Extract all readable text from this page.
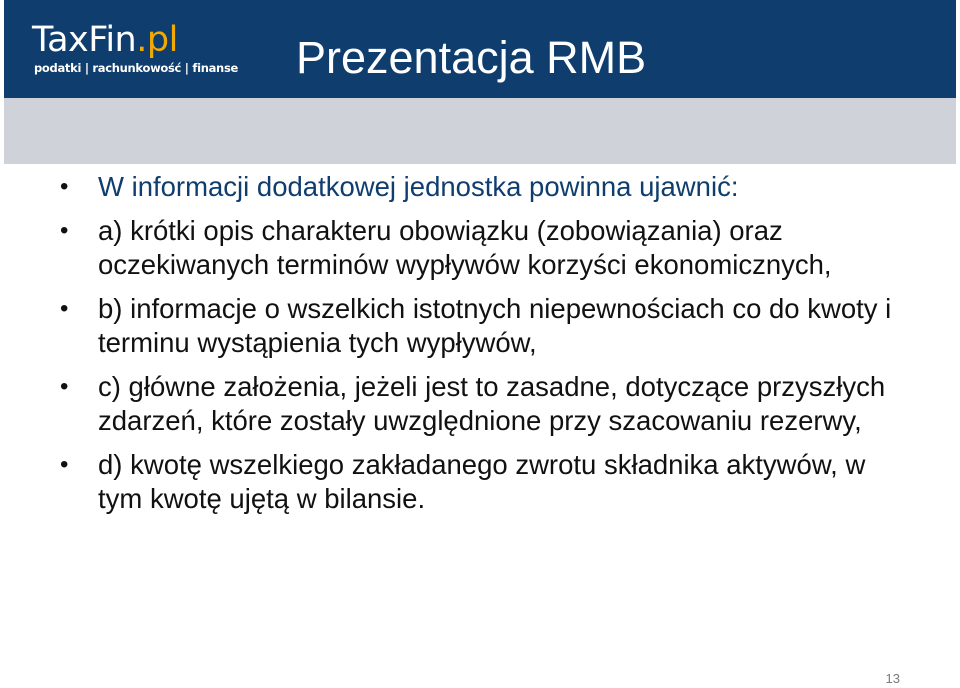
TaxFin.pl
podatki | rachunkowość | finanse Prezentacja RMB
•	W informacji dodatkowej jednostka powinna ujawnić:
•	a) krótki opis charakteru obowiązku (zobowiązania) oraz oczekiwanych terminów wypływów korzyści ekonomicznych,
•	b) informacje o wszelkich istotnych niepewnościach co do kwoty i terminu wystąpienia tych wypływów,
•	c) główne założenia, jeżeli jest to zasadne, dotyczące przyszłych zdarzeń, które zostały uwzględnione przy szacowaniu rezerwy,
•	d) kwotę wszelkiego zakładanego zwrotu składnika aktywów, w tym kwotę ujętą w bilansie.
13
